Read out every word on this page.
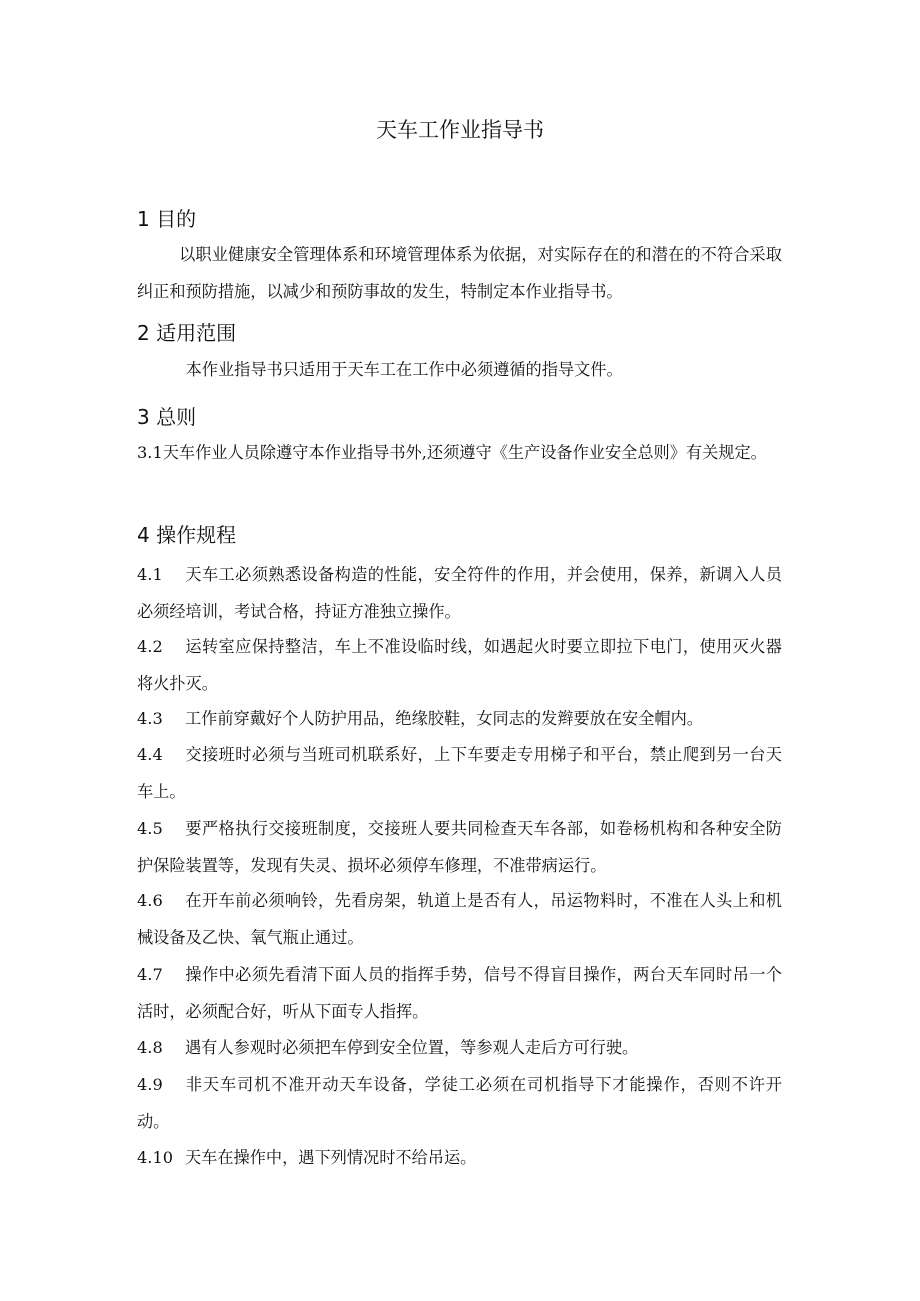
天车工作业指导书
1 目的

以职业健康安全管理体系和环境管理体系为依据，对实际存在的和潜在的不符合采取纠正和预防措施，以减少和预防事故的发生，特制定本作业指导书。

2 适用范围

本作业指导书只适用于天车工在工作中必须遵循的指导文件。

3 总则

3.1天车作业人员除遵守本作业指导书外,还须遵守《生产设备作业安全总则》有关规定。

4 操作规程

4.1 天车工必须熟悉设备构造的性能，安全符件的作用，并会使用，保养，新调入人员必须经培训，考试合格，持证方准独立操作。

4.2 运转室应保持整洁，车上不准设临时线，如遇起火时要立即拉下电门，使用灭火器将火扑灭。

4.3 工作前穿戴好个人防护用品，绝缘胶鞋，女同志的发辫要放在安全帽内。

4.4 交接班时必须与当班司机联系好，上下车要走专用梯子和平台，禁止爬到另一台天车上。

4.5 要严格执行交接班制度，交接班人要共同检查天车各部，如卷杨机构和各种安全防护保险装置等，发现有失灵、损坏必须停车修理，不准带病运行。

4.6 在开车前必须响铃，先看房架，轨道上是否有人，吊运物料时，不准在人头上和机械设备及乙快、氧气瓶止通过。

4.7 操作中必须先看清下面人员的指挥手势，信号不得盲目操作，两台天车同时吊一个活时，必须配合好，听从下面专人指挥。

4.8 遇有人参观时必须把车停到安全位置，等参观人走后方可行驶。

4.9 非天车司机不准开动天车设备，学徒工必须在司机指导下才能操作，否则不许开动。

4.10 天车在操作中，遇下列情况时不给吊运。
